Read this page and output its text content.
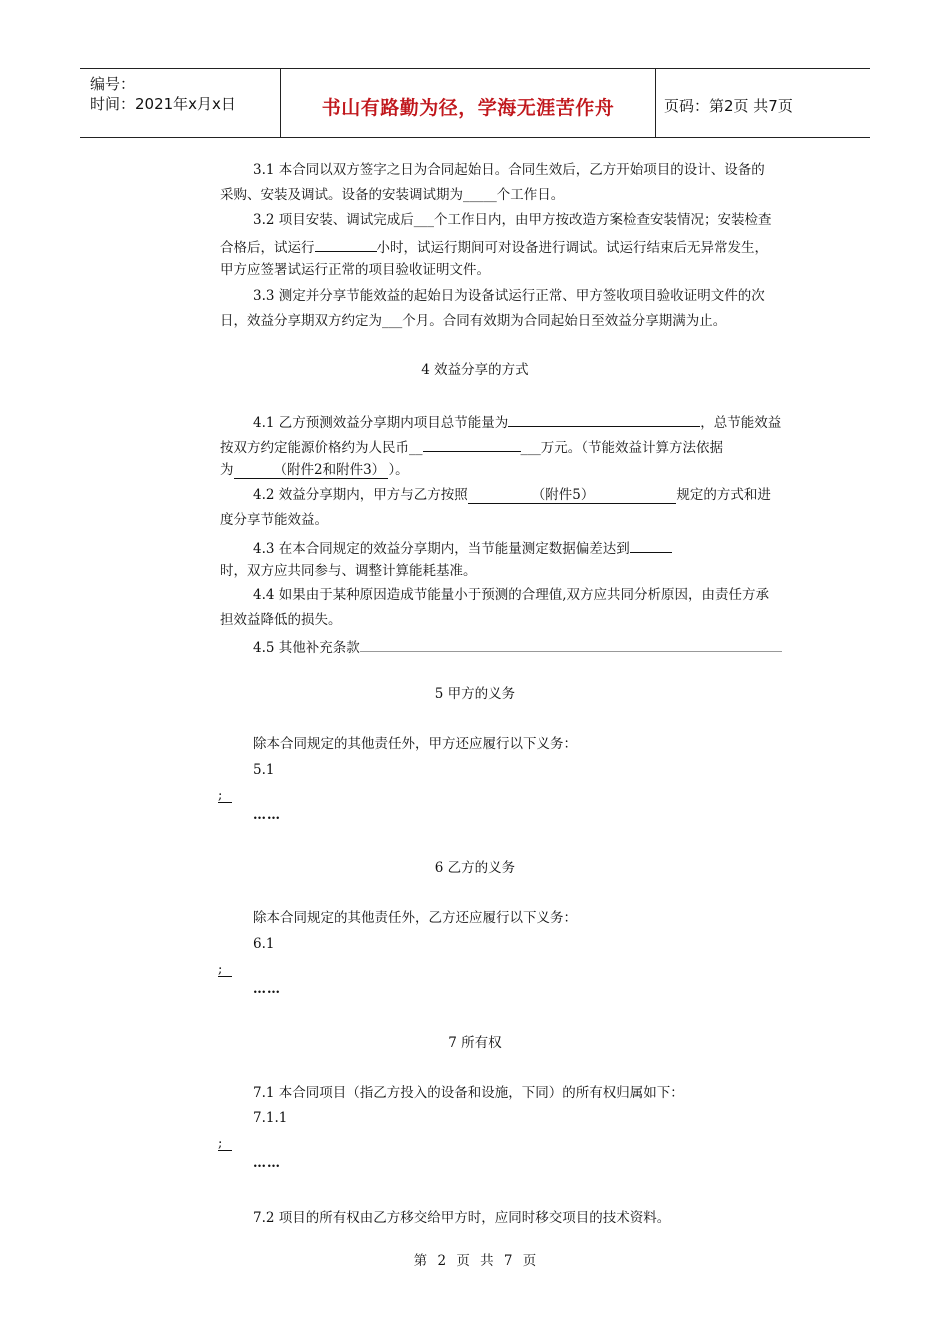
编号：
时间：2021年x月x日	书山有路勤为径，学海无涯苦作舟	页码：第2页 共7页
3.1 本合同以双方签字之日为合同起始日。合同生效后，乙方开始项目的设计、设备的
采购、安装及调试。设备的安装调试期为_____个工作日。
3.2 项目安装、调试完成后___个工作日内，由甲方按改造方案检查安装情况；安装检查
合格后，试运行	小时，试运行期间可对设备进行调试。试运行结束后无异常发生，
甲方应签署试运行正常的项目验收证明文件。
3.3 测定并分享节能效益的起始日为设备试运行正常、甲方签收项目验收证明文件的次
日，效益分享期双方约定为___个月。合同有效期为合同起始日至效益分享期满为止。
4 效益分享的方式
4.1 乙方预测效益分享期内项目总节能量为	，总节能效益
按双方约定能源价格约为人民币__	___万元。（节能效益计算方法依据
为	（附件2和附件3） ）。
4.2 效益分享期内，甲方与乙方按照	（附件5）	规定的方式和进
度分享节能效益。
4.3 在本合同规定的效益分享期内，当节能量测定数据偏差达到
时，双方应共同参与、调整计算能耗基准。
4.4 如果由于某种原因造成节能量小于预测的合理值,双方应共同分析原因，由责任方承
担效益降低的损失。
4.5 其他补充条款
5 甲方的义务
除本合同规定的其他责任外，甲方还应履行以下义务：
5.1
;
……
6 乙方的义务
除本合同规定的其他责任外，乙方还应履行以下义务：
6.1
;
……
7 所有权
7.1 本合同项目（指乙方投入的设备和设施，下同）的所有权归属如下：
7.1.1
;
……
7.2 项目的所有权由乙方移交给甲方时，应同时移交项目的技术资料。
第 2 页 共 7 页
